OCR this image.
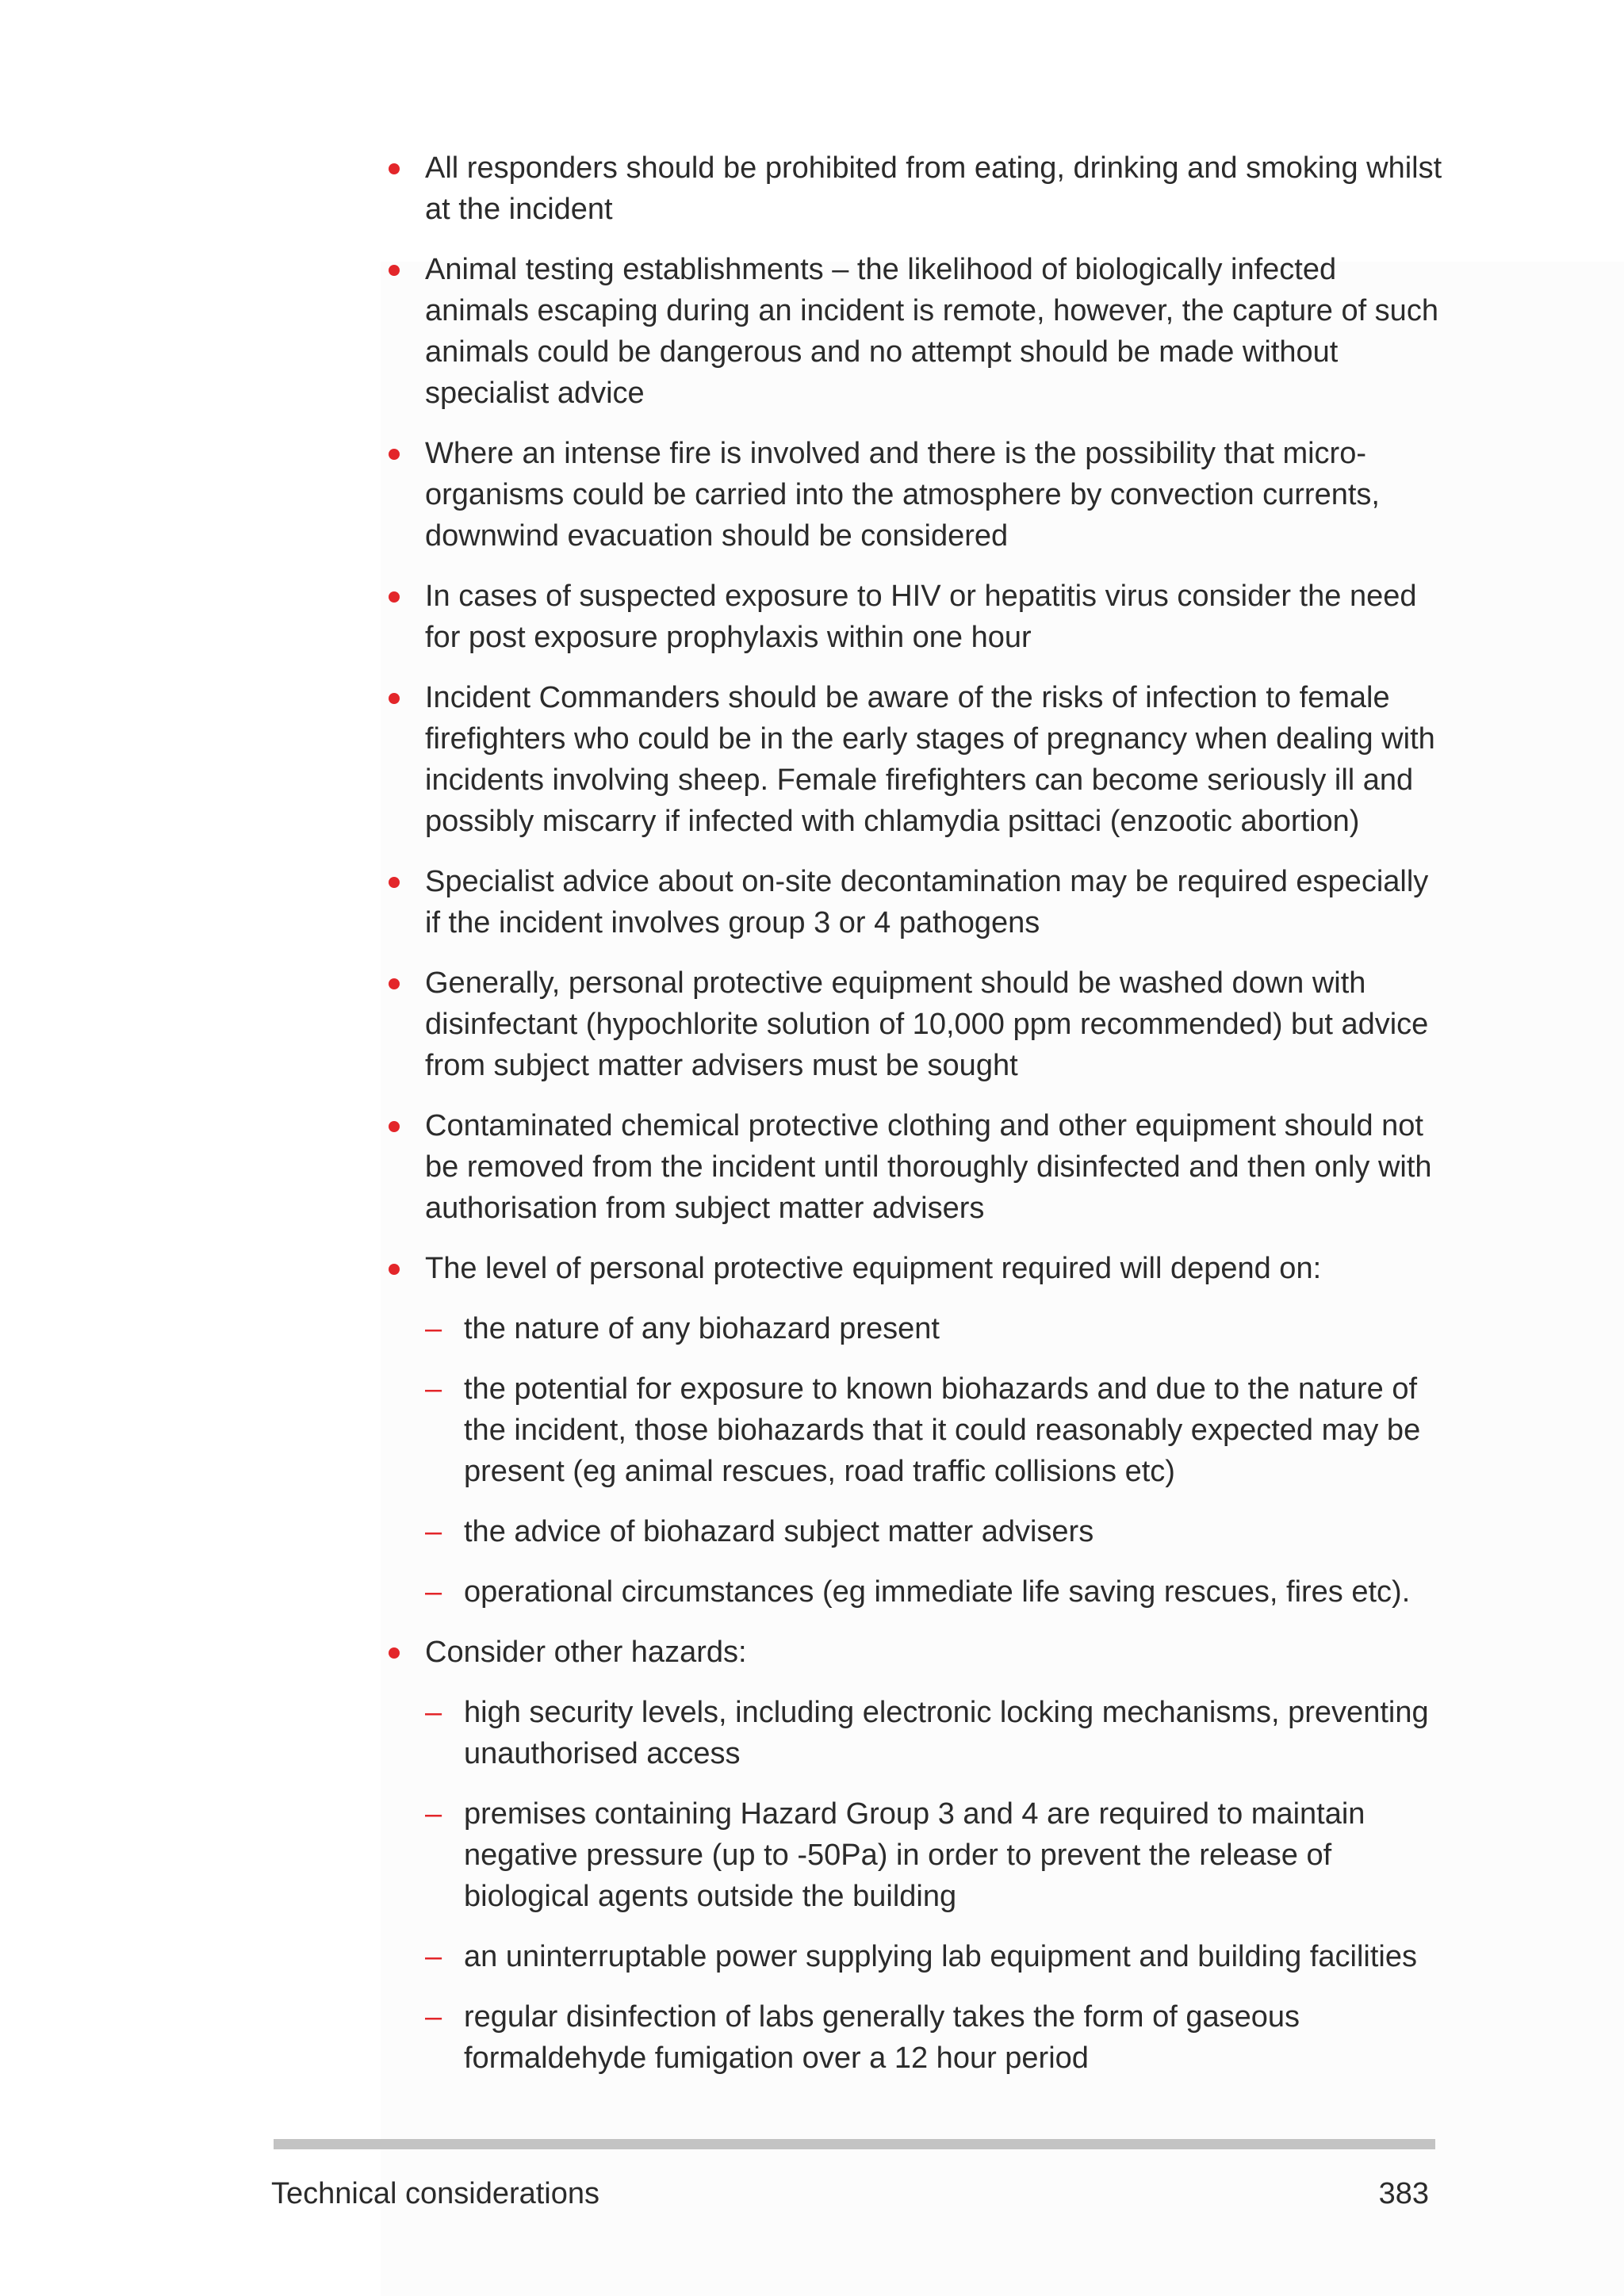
All responders should be prohibited from eating, drinking and smoking whilst at the incident
Animal testing establishments – the likelihood of biologically infected animals escaping during an incident is remote, however, the capture of such animals could be dangerous and no attempt should be made without specialist advice
Where an intense fire is involved and there is the possibility that micro-organisms could be carried into the atmosphere by convection currents, downwind evacuation should be considered
In cases of suspected exposure to HIV or hepatitis virus consider the need for post exposure prophylaxis within one hour
Incident Commanders should be aware of the risks of infection to female firefighters who could be in the early stages of pregnancy when dealing with incidents involving sheep. Female firefighters can become seriously ill and possibly miscarry if infected with chlamydia psittaci (enzootic abortion)
Specialist advice about on-site decontamination may be required especially if the incident involves group 3 or 4 pathogens
Generally, personal protective equipment should be washed down with disinfectant (hypochlorite solution of 10,000 ppm recommended) but advice from subject matter advisers must be sought
Contaminated chemical protective clothing and other equipment should not be removed from the incident until thoroughly disinfected and then only with authorisation from subject matter advisers
The level of personal protective equipment required will depend on:
– the nature of any biohazard present
– the potential for exposure to known biohazards and due to the nature of the incident, those biohazards that it could reasonably expected may be present (eg animal rescues, road traffic collisions etc)
– the advice of biohazard subject matter advisers
– operational circumstances (eg immediate life saving rescues, fires etc).
Consider other hazards:
– high security levels, including electronic locking mechanisms, preventing unauthorised access
– premises containing Hazard Group 3 and 4 are required to maintain negative pressure (up to -50Pa) in order to prevent the release of biological agents outside the building
– an uninterruptable power supplying lab equipment and building facilities
– regular disinfection of labs generally takes the form of gaseous formaldehyde fumigation over a 12 hour period
Technical considerations	383
